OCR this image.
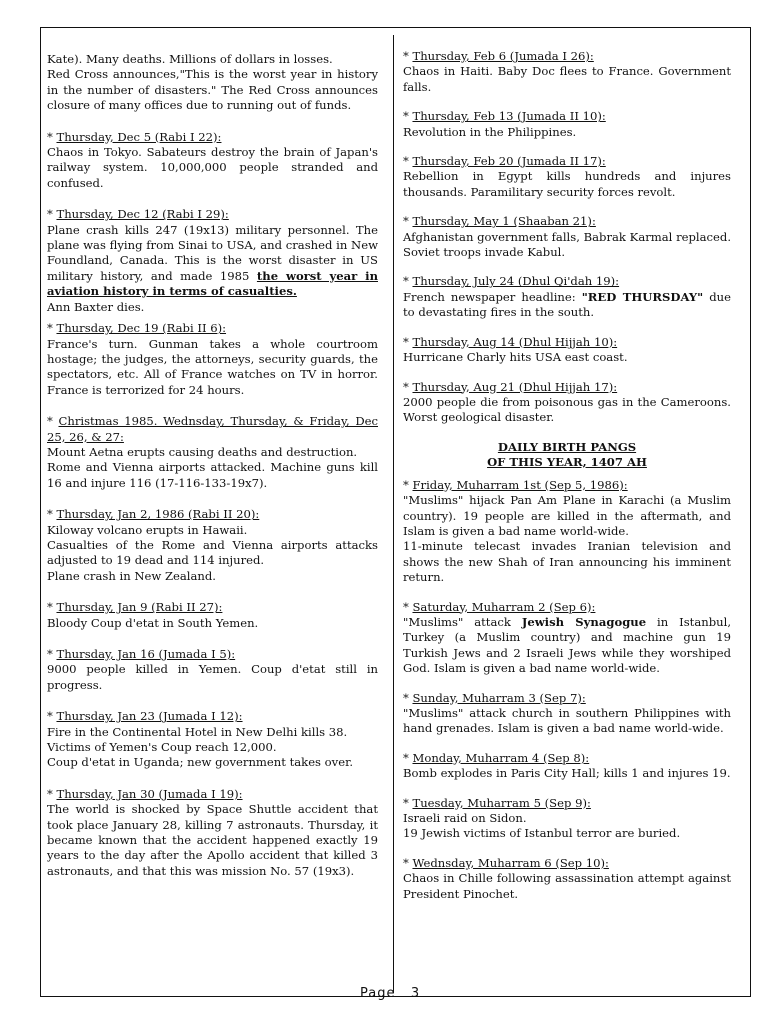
Kate). Many deaths. Millions of dollars in losses.

Red Cross announces,"This is the worst year in history in the number of disasters." The Red Cross announces closure of many offices due to running out of funds.

* Thursday, Dec 5 (Rabi I 22):

Chaos in Tokyo. Sabateurs destroy the brain of Japan's railway system. 10,000,000 people stranded and confused.

* Thursday, Dec 12 (Rabi I 29):

Plane crash kills 247 (19x13) military personnel. The plane was flying from Sinai to USA, and crashed in New Foundland, Canada. This is the worst disaster in US military history, and made 1985 the worst year in aviation history in terms of casualties.

Ann Baxter dies.

* Thursday, Dec 19 (Rabi II 6):

France's turn. Gunman takes a whole courtroom hostage; the judges, the attorneys, security guards, the spectators, etc. All of France watches on TV in horror. France is terrorized for 24 hours.

* Christmas 1985. Wednsday, Thursday, & Friday, Dec 25, 26, & 27:

Mount Aetna erupts causing deaths and destruction.

Rome and Vienna airports attacked. Machine guns kill 16 and injure 116 (17-116-133-19x7).

* Thursday, Jan 2, 1986 (Rabi II 20):

Kiloway volcano erupts in Hawaii.

Casualties of the Rome and Vienna airports attacks adjusted to 19 dead and 114 injured.

Plane crash in New Zealand.

* Thursday, Jan 9 (Rabi II 27):

Bloody Coup d'etat in South Yemen.

* Thursday, Jan 16 (Jumada I 5):

9000 people killed in Yemen. Coup d'etat still in progress.

* Thursday, Jan 23 (Jumada I 12):

Fire in the Continental Hotel in New Delhi kills 38.

Victims of Yemen's Coup reach 12,000.

Coup d'etat in Uganda; new government takes over.

* Thursday, Jan 30 (Jumada I 19):

The world is shocked by Space Shuttle accident that took place January 28, killing 7 astronauts. Thursday, it became known that the accident happened exactly 19 years to the day after the Apollo accident that killed 3 astronauts, and that this was mission No. 57 (19x3).

* Thursday, Feb 6 (Jumada I 26):

Chaos in Haiti. Baby Doc flees to France. Government falls.

* Thursday, Feb 13 (Jumada II 10):

Revolution in the Philippines.

* Thursday, Feb 20 (Jumada II 17):

Rebellion in Egypt kills hundreds and injures thousands. Paramilitary security forces revolt.

* Thursday, May 1 (Shaaban 21):

Afghanistan government falls, Babrak Karmal replaced. Soviet troops invade Kabul.

* Thursday, July 24 (Dhul Qi'dah 19):

French newspaper headline: "RED THURSDAY" due to devastating fires in the south.

* Thursday, Aug 14 (Dhul Hijjah 10):

Hurricane Charly hits USA east coast.

* Thursday, Aug 21 (Dhul Hijjah 17):

2000 people die from poisonous gas in the Cameroons. Worst geological disaster.

DAILY BIRTH PANGS

OF THIS YEAR, 1407 AH

* Friday, Muharram 1st (Sep 5, 1986):

"Muslims" hijack Pan Am Plane in Karachi (a Muslim country). 19 people are killed in the aftermath, and Islam is given a bad name world-wide.

11-minute telecast invades Iranian television and shows the new Shah of Iran announcing his imminent return.

* Saturday, Muharram 2 (Sep 6):

"Muslims" attack Jewish Synagogue in Istanbul, Turkey (a Muslim country) and machine gun 19 Turkish Jews and 2 Israeli Jews while they worshiped God. Islam is given a bad name world-wide.

* Sunday, Muharram 3 (Sep 7):

"Muslims" attack church in southern Philippines with hand grenades. Islam is given a bad name world-wide.

* Monday, Muharram 4 (Sep 8):

Bomb explodes in Paris City Hall; kills 1 and injures 19.

* Tuesday, Muharram 5 (Sep 9):

Israeli raid on Sidon.

19 Jewish victims of Istanbul terror are buried.

* Wednsday, Muharram 6 (Sep 10):

Chaos in Chille following assassination attempt against President Pinochet.

Page   3
